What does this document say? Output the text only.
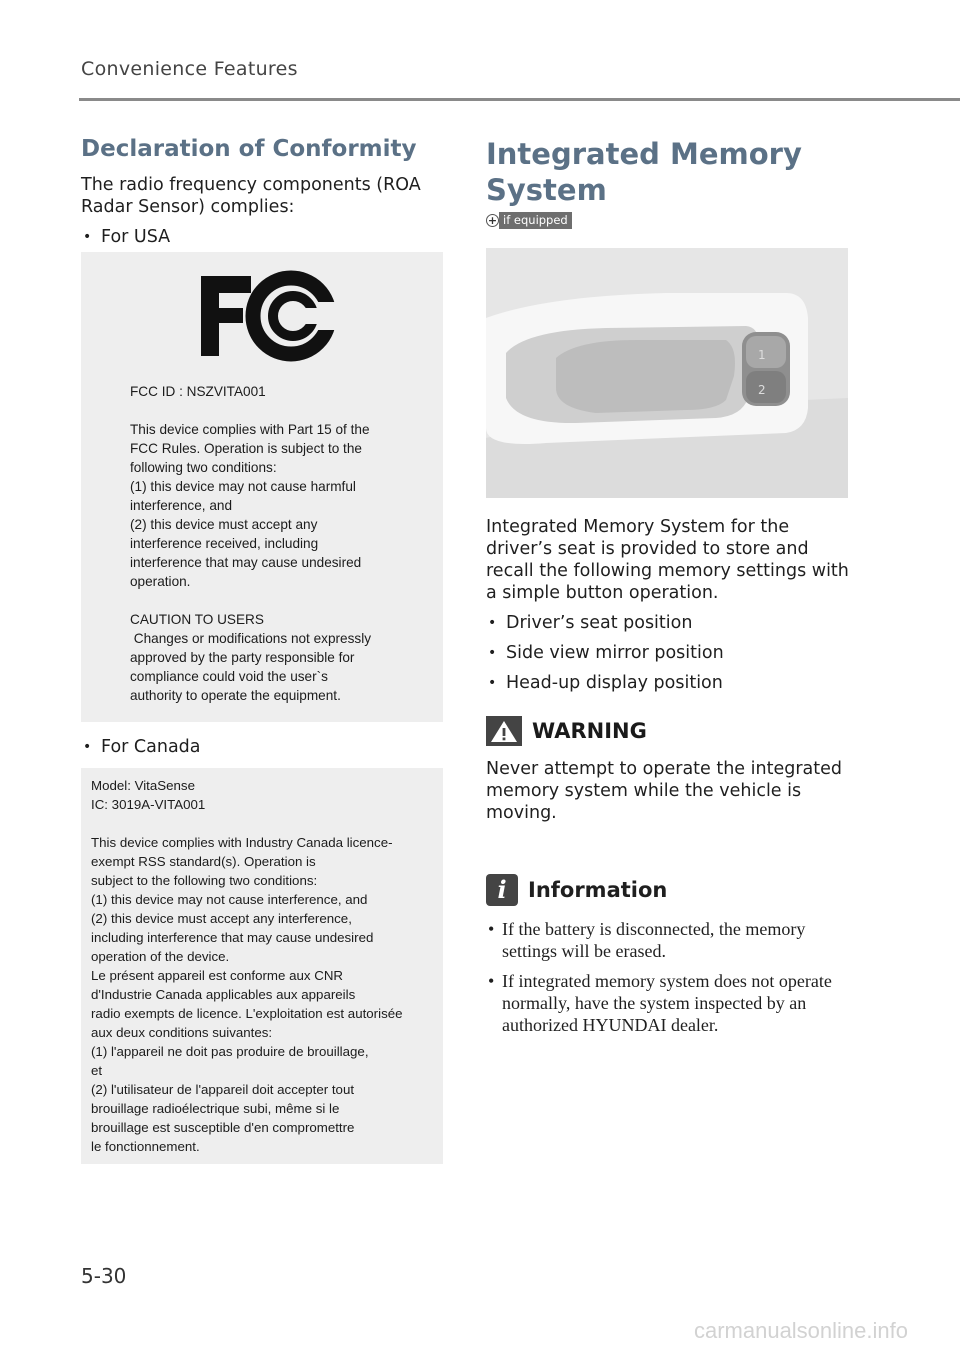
Convenience Features
Declaration of Conformity

The radio frequency components (ROA Radar Sensor) complies:

• For USA

FCC ID : NSZVITA001

This device complies with Part 15 of the
FCC Rules. Operation is subject to the
following two conditions:
(1) this device may not cause harmful
interference, and
(2) this device must accept any
interference received, including
interference that may cause undesired
operation.

CAUTION TO USERS
Changes or modifications not expressly
approved by the party responsible for
compliance could void the user`s
authority to operate the equipment.

• For Canada

Model: VitaSense
IC: 3019A-VITA001

This device complies with Industry Canada licence-
exempt RSS standard(s). Operation is
subject to the following two conditions:
(1) this device may not cause interference, and
(2) this device must accept any interference,
including interference that may cause undesired
operation of the device.
Le présent appareil est conforme aux CNR
d'Industrie Canada applicables aux appareils
radio exempts de licence. L'exploitation est autorisée
aux deux conditions suivantes:
(1) l'appareil ne doit pas produire de brouillage,
et
(2) l'utilisateur de l'appareil doit accepter tout
brouillage radioélectrique subi, même si le
brouillage est susceptible d'en compromettre
le fonctionnement.
Integrated Memory
System
+ if equipped
1
2

Integrated Memory System for the driver’s seat is provided to store and recall the following memory settings with a simple button operation.

• Driver’s seat position

• Side view mirror position

• Head-up display position

WARNING

Never attempt to operate the integrated memory system while the vehicle is moving.

i	Information

• If the battery is disconnected, the memory settings will be erased.

• If integrated memory system does not operate normally, have the system inspected by an authorized HYUNDAI dealer.

5-30
carmanualsonline.info
